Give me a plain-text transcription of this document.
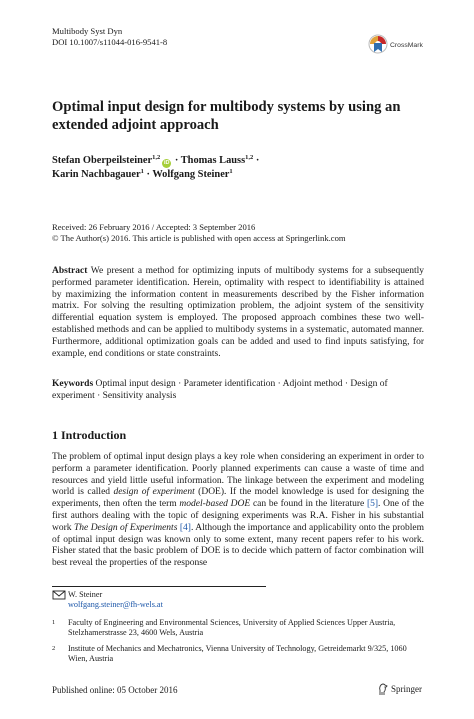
Multibody Syst Dyn
DOI 10.1007/s11044-016-9541-8	CrossMark
Optimal input design for multibody systems by using an extended adjoint approach
Stefan Oberpeilsteiner$^{1,2}$iD · Thomas Lauss$^{1,2}$ ·
Karin Nachbagauer$^1$ · Wolfgang Steiner$^1$
Received: 26 February 2016 / Accepted: 3 September 2016
© The Author(s) 2016. This article is published with open access at Springerlink.com
Abstract We present a method for optimizing inputs of multibody systems for a subsequently performed parameter identification. Herein, optimality with respect to identifiability is attained by maximizing the information content in measurements described by the Fisher information matrix. For solving the resulting optimization problem, the adjoint system of the sensitivity differential equation system is employed. The proposed approach combines these two well-established methods and can be applied to multibody systems in a systematic, automated manner. Furthermore, additional optimization goals can be added and used to find inputs satisfying, for example, end conditions or state constraints.
Keywords Optimal input design · Parameter identification · Adjoint method · Design of experiment · Sensitivity analysis
1 Introduction
The problem of optimal input design plays a key role when considering an experiment in order to perform a parameter identification. Poorly planned experiments can cause a waste of time and resources and yield little useful information. The linkage between the experiment and modeling world is called design of experiment (DOE). If the model knowledge is used for designing the experiments, then often the term model-based DOE can be found in the literature [5]. One of the first authors dealing with the topic of designing experiments was R.A. Fisher in his substantial work The Design of Experiments [4]. Although the importance and applicability onto the problem of optimal input design was known only to some extent, many recent papers refer to his work. Fisher stated that the basic problem of DOE is to decide which pattern of factor combination will best reveal the properties of the response
W. Steiner
wolfgang.steiner@fh-wels.at
1 Faculty of Engineering and Environmental Sciences, University of Applied Sciences Upper Austria, Stelzhamerstrasse 23, 4600 Wels, Austria
2 Institute of Mechanics and Mechatronics, Vienna University of Technology, Getreidemarkt 9/325, 1060 Wien, Austria
Published online: 05 October 2016	Springer
